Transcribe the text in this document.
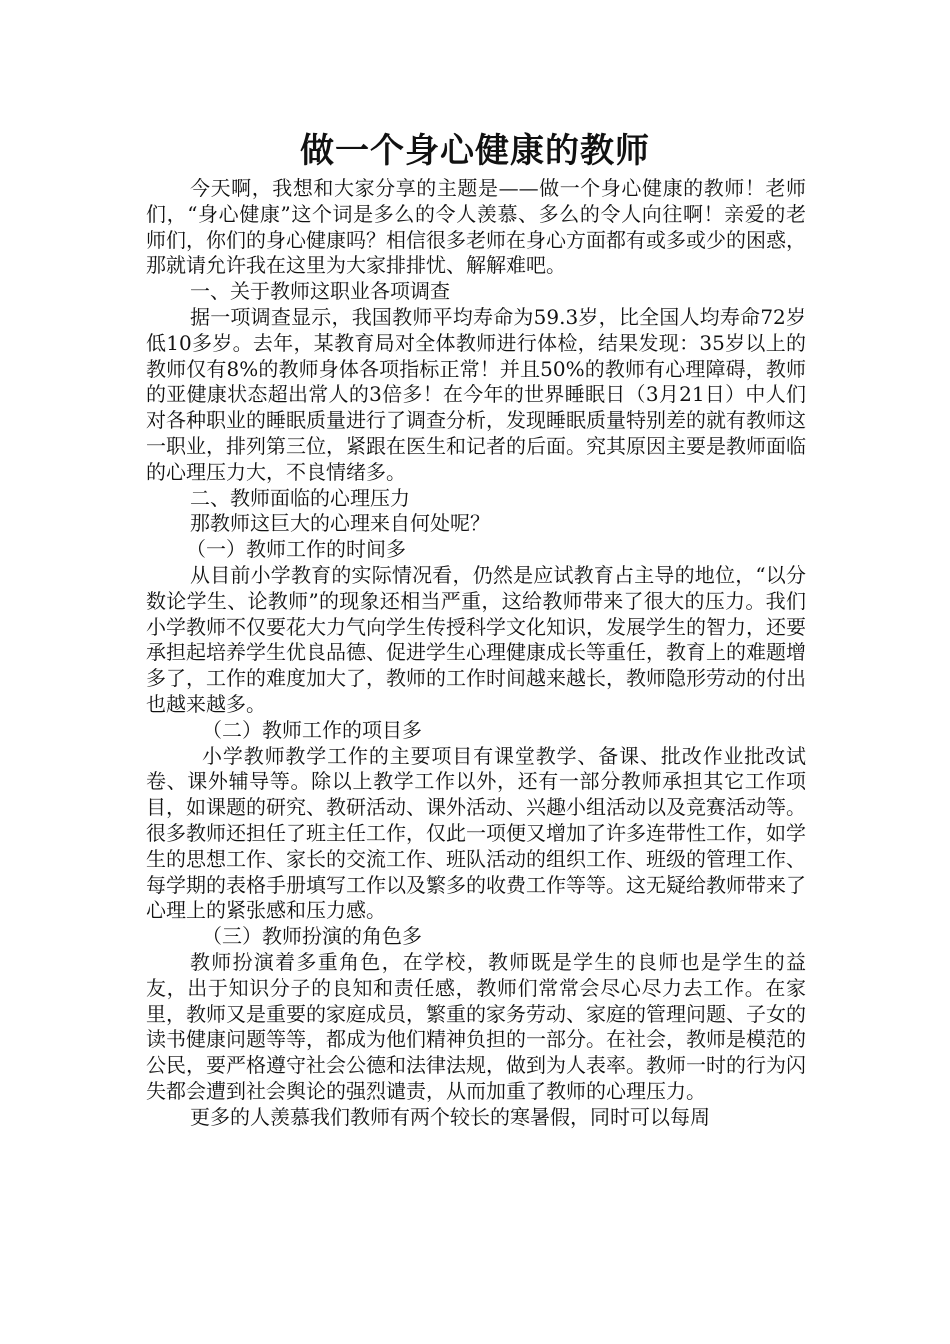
做一个身心健康的教师

今天啊，我想和大家分享的主题是——做一个身心健康的教师！老师们，“身心健康”这个词是多么的令人羡慕、多么的令人向往啊！亲爱的老师们，你们的身心健康吗？相信很多老师在身心方面都有或多或少的困惑，那就请允许我在这里为大家排排忧、解解难吧。

一、关于教师这职业各项调查

据一项调查显示，我国教师平均寿命为59.3岁，比全国人均寿命72岁低10多岁。去年，某教育局对全体教师进行体检，结果发现：35岁以上的教师仅有8%的教师身体各项指标正常！并且50%的教师有心理障碍，教师的亚健康状态超出常人的3倍多！在今年的世界睡眠日（3月21日）中人们对各种职业的睡眠质量进行了调查分析，发现睡眠质量特别差的就有教师这一职业，排列第三位，紧跟在医生和记者的后面。究其原因主要是教师面临的心理压力大，不良情绪多。

二、教师面临的心理压力

那教师这巨大的心理来自何处呢？

（一）教师工作的时间多

从目前小学教育的实际情况看，仍然是应试教育占主导的地位，“以分数论学生、论教师”的现象还相当严重，这给教师带来了很大的压力。我们小学教师不仅要花大力气向学生传授科学文化知识，发展学生的智力，还要承担起培养学生优良品德、促进学生心理健康成长等重任，教育上的难题增多了，工作的难度加大了，教师的工作时间越来越长，教师隐形劳动的付出也越来越多。

（二）教师工作的项目多

小学教师教学工作的主要项目有课堂教学、备课、批改作业批改试卷、课外辅导等。除以上教学工作以外，还有一部分教师承担其它工作项目，如课题的研究、教研活动、课外活动、兴趣小组活动以及竞赛活动等。很多教师还担任了班主任工作，仅此一项便又增加了许多连带性工作，如学生的思想工作、家长的交流工作、班队活动的组织工作、班级的管理工作、每学期的表格手册填写工作以及繁多的收费工作等等。这无疑给教师带来了心理上的紧张感和压力感。

（三）教师扮演的角色多

教师扮演着多重角色，在学校，教师既是学生的良师也是学生的益友，出于知识分子的良知和责任感，教师们常常会尽心尽力去工作。在家里，教师又是重要的家庭成员，繁重的家务劳动、家庭的管理问题、子女的读书健康问题等等，都成为他们精神负担的一部分。在社会，教师是模范的公民，要严格遵守社会公德和法律法规，做到为人表率。教师一时的行为闪失都会遭到社会舆论的强烈谴责，从而加重了教师的心理压力。

更多的人羡慕我们教师有两个较长的寒暑假，同时可以每周
